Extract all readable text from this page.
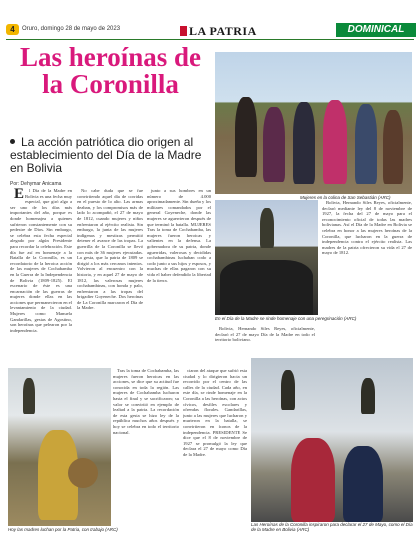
4	Oruro, domingo 28 de mayo de 2023	LA PATRIA	DOMINICAL
Las heroínas de la Coronilla
La acción patriótica dio origen al establecimiento del Día de la Madre en Bolivia
Por: Dehymar Anicama
Mujeres en la colina de San Sebastián (ARC)
En el Día de la Madre se rinde homenaje con una peregrinación (ARC)
Hoy las madres luchan por la Patria, con trabajo (ARC)
Las Heroínas de la Coronilla inspiraron para declarar el 27 de Mayo, como el Día de la Madre en Bolivia (ARC)

E l Día de la Madre en Bolivia es una fecha muy especial, que giró algo a ser uno de los días más importantes del año, porque es donde homenajea a quienes sufrieron constantemente con su pedestre de Dios. Sin embargo, se celebra esta fecha especial alegado por algún Presidente para recordar la celebración. Este día fue así en homenaje a la Batalla de la Coronilla, es un recordatorio de la heroica acción de las mujeres de Cochabamba en la Guerra de la Independencia de Bolivia (1809-1825). El escenario de éste es una encarnación de las guerras de mujeres donde ellas en las acciones que permanecieron en el levantamiento de la ciudad. Mujeres como Manuela Gandarillas, gestas de Agostino, son heroínas que pelearon por la independencia.

No cabe duda que se fue convirtiendo aquel día de corridas en el puesto de lo alto. Las armas deaban, y los compromisos más de lado lo acompañó, el 27 de mayo de 1812, cuando mujeres y niños enfrentaron al ejército realista. Sin embargo, la junta de las mujeres indígenas y mestizas permitió detener el avance de las tropas. La guerrilla de la Coronilla se llevó con más de 36 mujeres ejecutadas. La gesta, que la patria de 1809 se dirigió a los más cercanos intentos. Volvieron al encuentro con la historia, y en aquel 27 de mayo de 1812, las valerosas mujeres cochabambinas, con honda y palo, enfrentaron a las tropas del brigadier Goyeneche. Dos heroínas de La Coronilla marcaron el Día de la Madre.

junto a sus hombres en un número de 4.000 aproximadamente. Sin dueña y los militares comandados por el general Goyeneche, donde las mujeres se aguerrieron después de que terminó la batalla. MUJERES Tras la toma de Cochabamba, las mujeres fueron heroicas y valientes en la defensa. La gobernadora de su patria, donde aguerridas, valerosas y decididas cochabambinas luchaban codo a codo junto a sus hijos y esposos, y muchas de ellas pagaron con su vida el haber defendido la libertad de la tierra.

Tras la toma de Cochabamba, las mujeres fueron heroicas en las acciones, se dice que su actitud fue conocida en toda la región. Las mujeres de Cochabamba lucharon hasta el final y se sacrificaron; su valor se convirtió en ejemplo de lealtad a la patria. La recordación de esta gesta se hizo ley de la república muchos años después y hoy se celebra en todo el territorio nacional.

ciaron del ataque que sufrió esta ciudad y lo dirigieron hacia un recorrido por el centro de las calles de la ciudad. Cada año, en este día, se rinde homenaje en la Coronilla a las heroínas, con actos cívicos, desfiles escolares y ofrendas florales. Gandarillas, junto a las mujeres que lucharon y murieron en la batalla, se convirtieron en íconos de la independencia. PRESIDENTE Se dice que el 8 de noviembre de 1927 se promulgó la ley que declara el 27 de mayo como Día de la Madre.

Bolivia, Hernando Siles Reyes, oficialmente, declaró mediante ley del 8 de noviembre de 1927, la fecha del 27 de mayo para el reconocimiento oficial de todas las madres bolivianas. Así el Día de la Madre en Bolivia se celebra en honor a las mujeres heroínas de la Coronilla, que lucharon en la guerra de independencia contra el ejército realista. Las madres de la patria ofrecieron su vida el 27 de mayo de 1812.

Bolivia, Hernando Siles Reyes, oficialmente, declaró el 27 de mayo Día de la Madre en todo el territorio boliviano.
